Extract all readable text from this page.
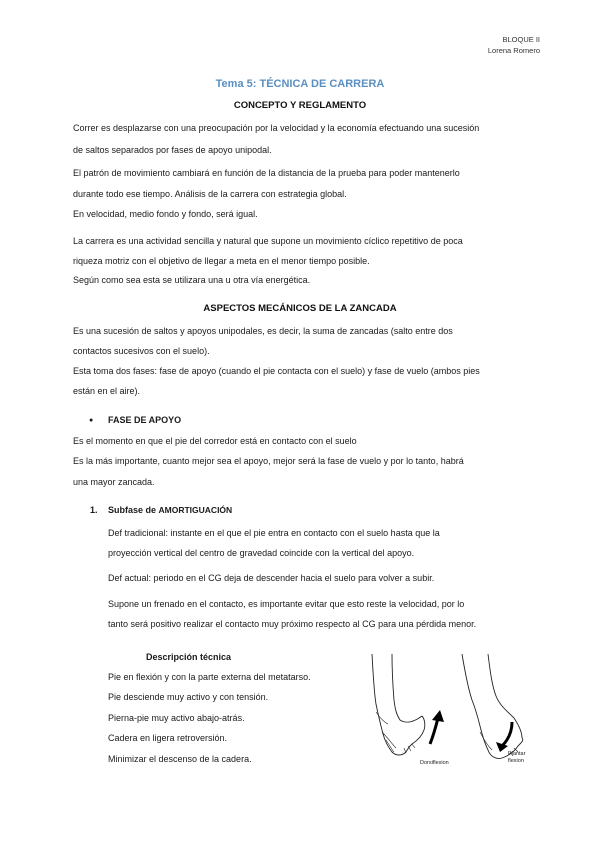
BLOQUE II
Lorena Romero
Tema 5: TÉCNICA DE CARRERA
CONCEPTO Y REGLAMENTO
Correr es desplazarse con una preocupación por la velocidad y la economía efectuando una sucesión
de saltos separados por fases de apoyo unipodal.
El patrón de movimiento cambiará en función de la distancia de la prueba para poder mantenerlo
durante todo ese tiempo. Análisis de la carrera con estrategia global.
En velocidad, medio fondo y fondo, será igual.
La carrera es una actividad sencilla y natural que supone un movimiento cíclico repetitivo de poca
riqueza motriz con el objetivo de llegar a meta en el menor tiempo posible.
Según como sea esta se utilizara una u otra vía energética.
ASPECTOS MECÁNICOS DE LA ZANCADA
Es una sucesión de saltos y apoyos unipodales, es decir, la suma de zancadas (salto entre dos
contactos sucesivos con el suelo).
Esta toma dos fases: fase de apoyo (cuando el pie contacta con el suelo) y fase de vuelo (ambos pies
están en el aire).
● FASE DE APOYO
Es el momento en que el pie del corredor está en contacto con el suelo
Es la más importante, cuanto mejor sea el apoyo, mejor será la fase de vuelo y por lo tanto, habrá
una mayor zancada.
1. Subfase de AMORTIGUACIÓN
Def tradicional: instante en el que el pie entra en contacto con el suelo hasta que la
proyección vertical del centro de gravedad coincide con la vertical del apoyo.
Def actual: periodo en el CG deja de descender hacia el suelo para volver a subir.
Supone un frenado en el contacto, es importante evitar que esto reste la velocidad, por lo
tanto será positivo realizar el contacto muy próximo respecto al CG para una pérdida menor.
Descripción técnica
Pie en flexión y con la parte externa del metatarso.
Pie desciende muy activo y con tensión.
Pierna-pie muy activo abajo-atrás.
Cadera en ligera retroversión.
Minimizar el descenso de la cadera.	Dorsiflexion
Plantar
flexion
